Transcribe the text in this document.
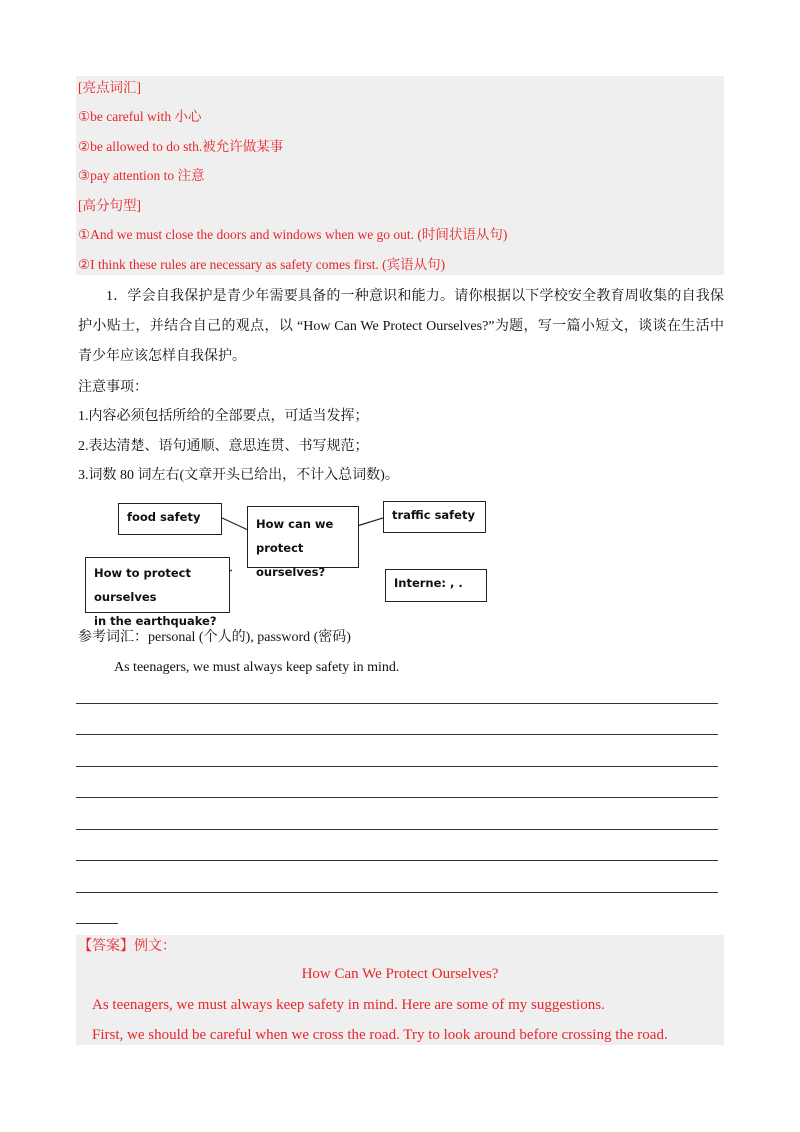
[亮点词汇]
①be careful with 小心
②be allowed to do sth.被允许做某事
③pay attention to 注意
[高分句型]
①And we must close the doors and windows when we go out. (时间状语从句)
②I think these rules are necessary as safety comes first. (宾语从句)
1．学会自我保护是青少年需要具备的一种意识和能力。请你根据以下学校安全教育周收集的自我保护小贴士，并结合自己的观点，以 “How Can We Protect Ourselves?”为题，写一篇小短文，谈谈在生活中青少年应该怎样自我保护。
注意事项：
1.内容必须包括所给的全部要点，可适当发挥；
2.表达清楚、语句通顺、意思连贯、书写规范；
3.词数 80 词左右(文章开头已给出，不计入总词数)。
food safety	How can we protect
ourselves?
traffic safety
How to protect ourselves
in the earthquake?
Interne: , .
参考词汇：personal (个人的), password (密码)
As teenagers, we must always keep safety in mind.
【答案】例文：
How Can We Protect Ourselves?
As teenagers, we must always keep safety in mind. Here are some of my suggestions.
First, we should be careful when we cross the road. Try to look around before crossing the road.
